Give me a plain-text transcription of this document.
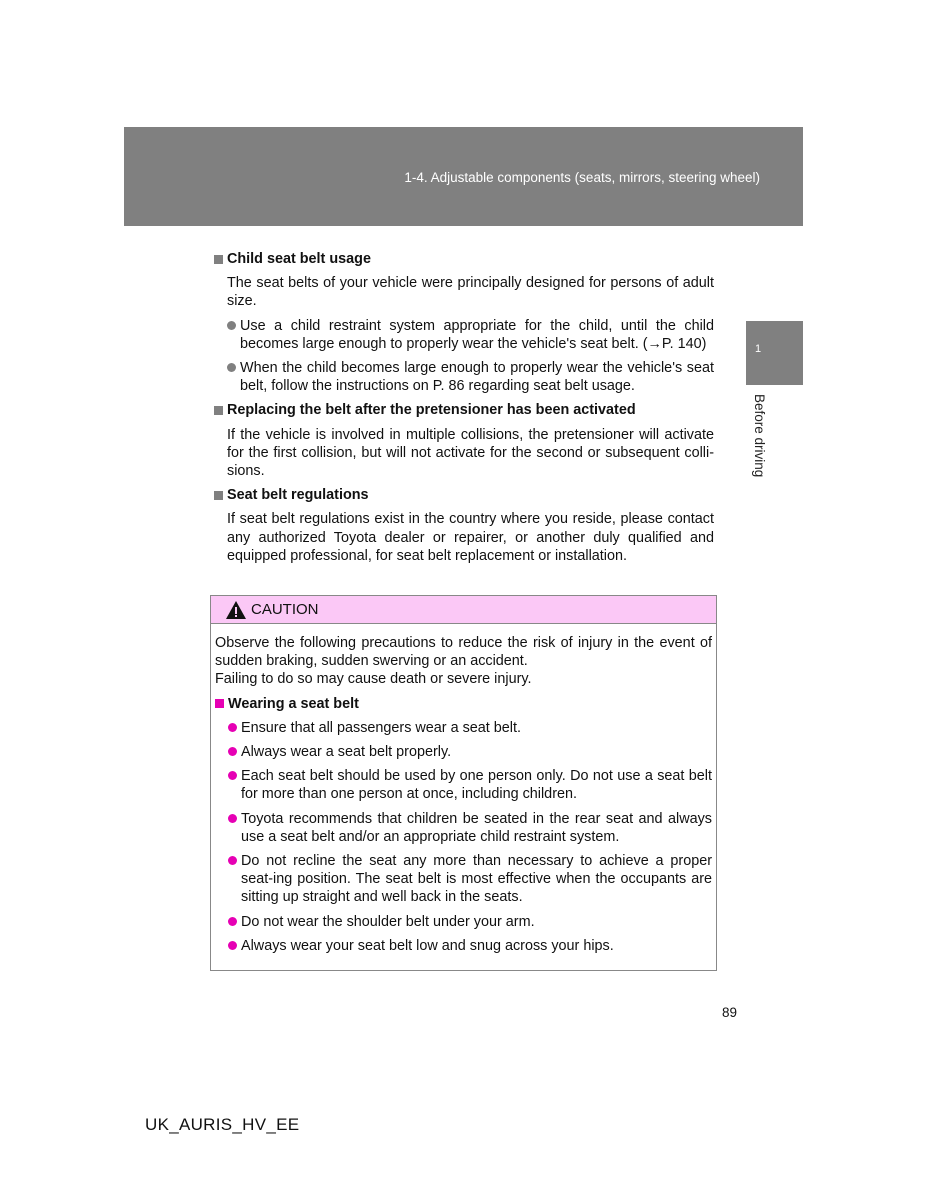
1-4. Adjustable components (seats, mirrors, steering wheel)
1
Before driving
Child seat belt usage

The seat belts of your vehicle were principally designed for persons of adult size.

Use a child restraint system appropriate for the child, until the child becomes large enough to properly wear the vehicle's seat belt. (→P. 140)
When the child becomes large enough to properly wear the vehicle's seat belt, follow the instructions on P. 86 regarding seat belt usage.
Replacing the belt after the pretensioner has been activated

If the vehicle is involved in multiple collisions, the pretensioner will activate for the first collision, but will not activate for the second or subsequent colli-sions.

Seat belt regulations

If seat belt regulations exist in the country where you reside, please contact any authorized Toyota dealer or repairer, or another duly qualified and equipped professional, for seat belt replacement or installation.

CAUTION

Observe the following precautions to reduce the risk of injury in the event of sudden braking, sudden swerving or an accident.

Failing to do so may cause death or severe injury.

Wearing a seat belt
Ensure that all passengers wear a seat belt.
Always wear a seat belt properly.
Each seat belt should be used by one person only. Do not use a seat belt for more than one person at once, including children.
Toyota recommends that children be seated in the rear seat and always use a seat belt and/or an appropriate child restraint system.
Do not recline the seat any more than necessary to achieve a proper seat-ing position. The seat belt is most effective when the occupants are sitting up straight and well back in the seats.
Do not wear the shoulder belt under your arm.
Always wear your seat belt low and snug across your hips.
89
UK_AURIS_HV_EE
